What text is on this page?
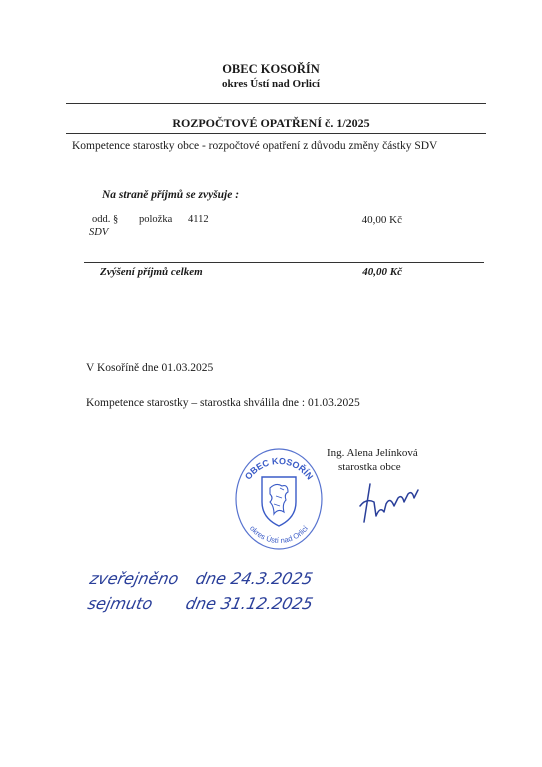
OBEC KOSOŘÍN
okres Ústí nad Orlicí
ROZPOČTOVÉ OPATŘENÍ č. 1/2025
Kompetence starostky obce - rozpočtové opatření z důvodu změny částky SDV
Na straně příjmů se zvyšuje :
odd. § položka 4112	40,00 Kč
SDV
Zvýšení příjmů celkem	40,00 Kč
V Kosoříně dne 01.03.2025
Kompetence starostky – starostka shválila dne : 01.03.2025
Ing. Alena Jelínková
starostka obce
OBEC KOSOŘÍN
okres Ústí nad Orlicí
zveřejněno dne 24.3.2025
sejmuto dne 31.12.2025
